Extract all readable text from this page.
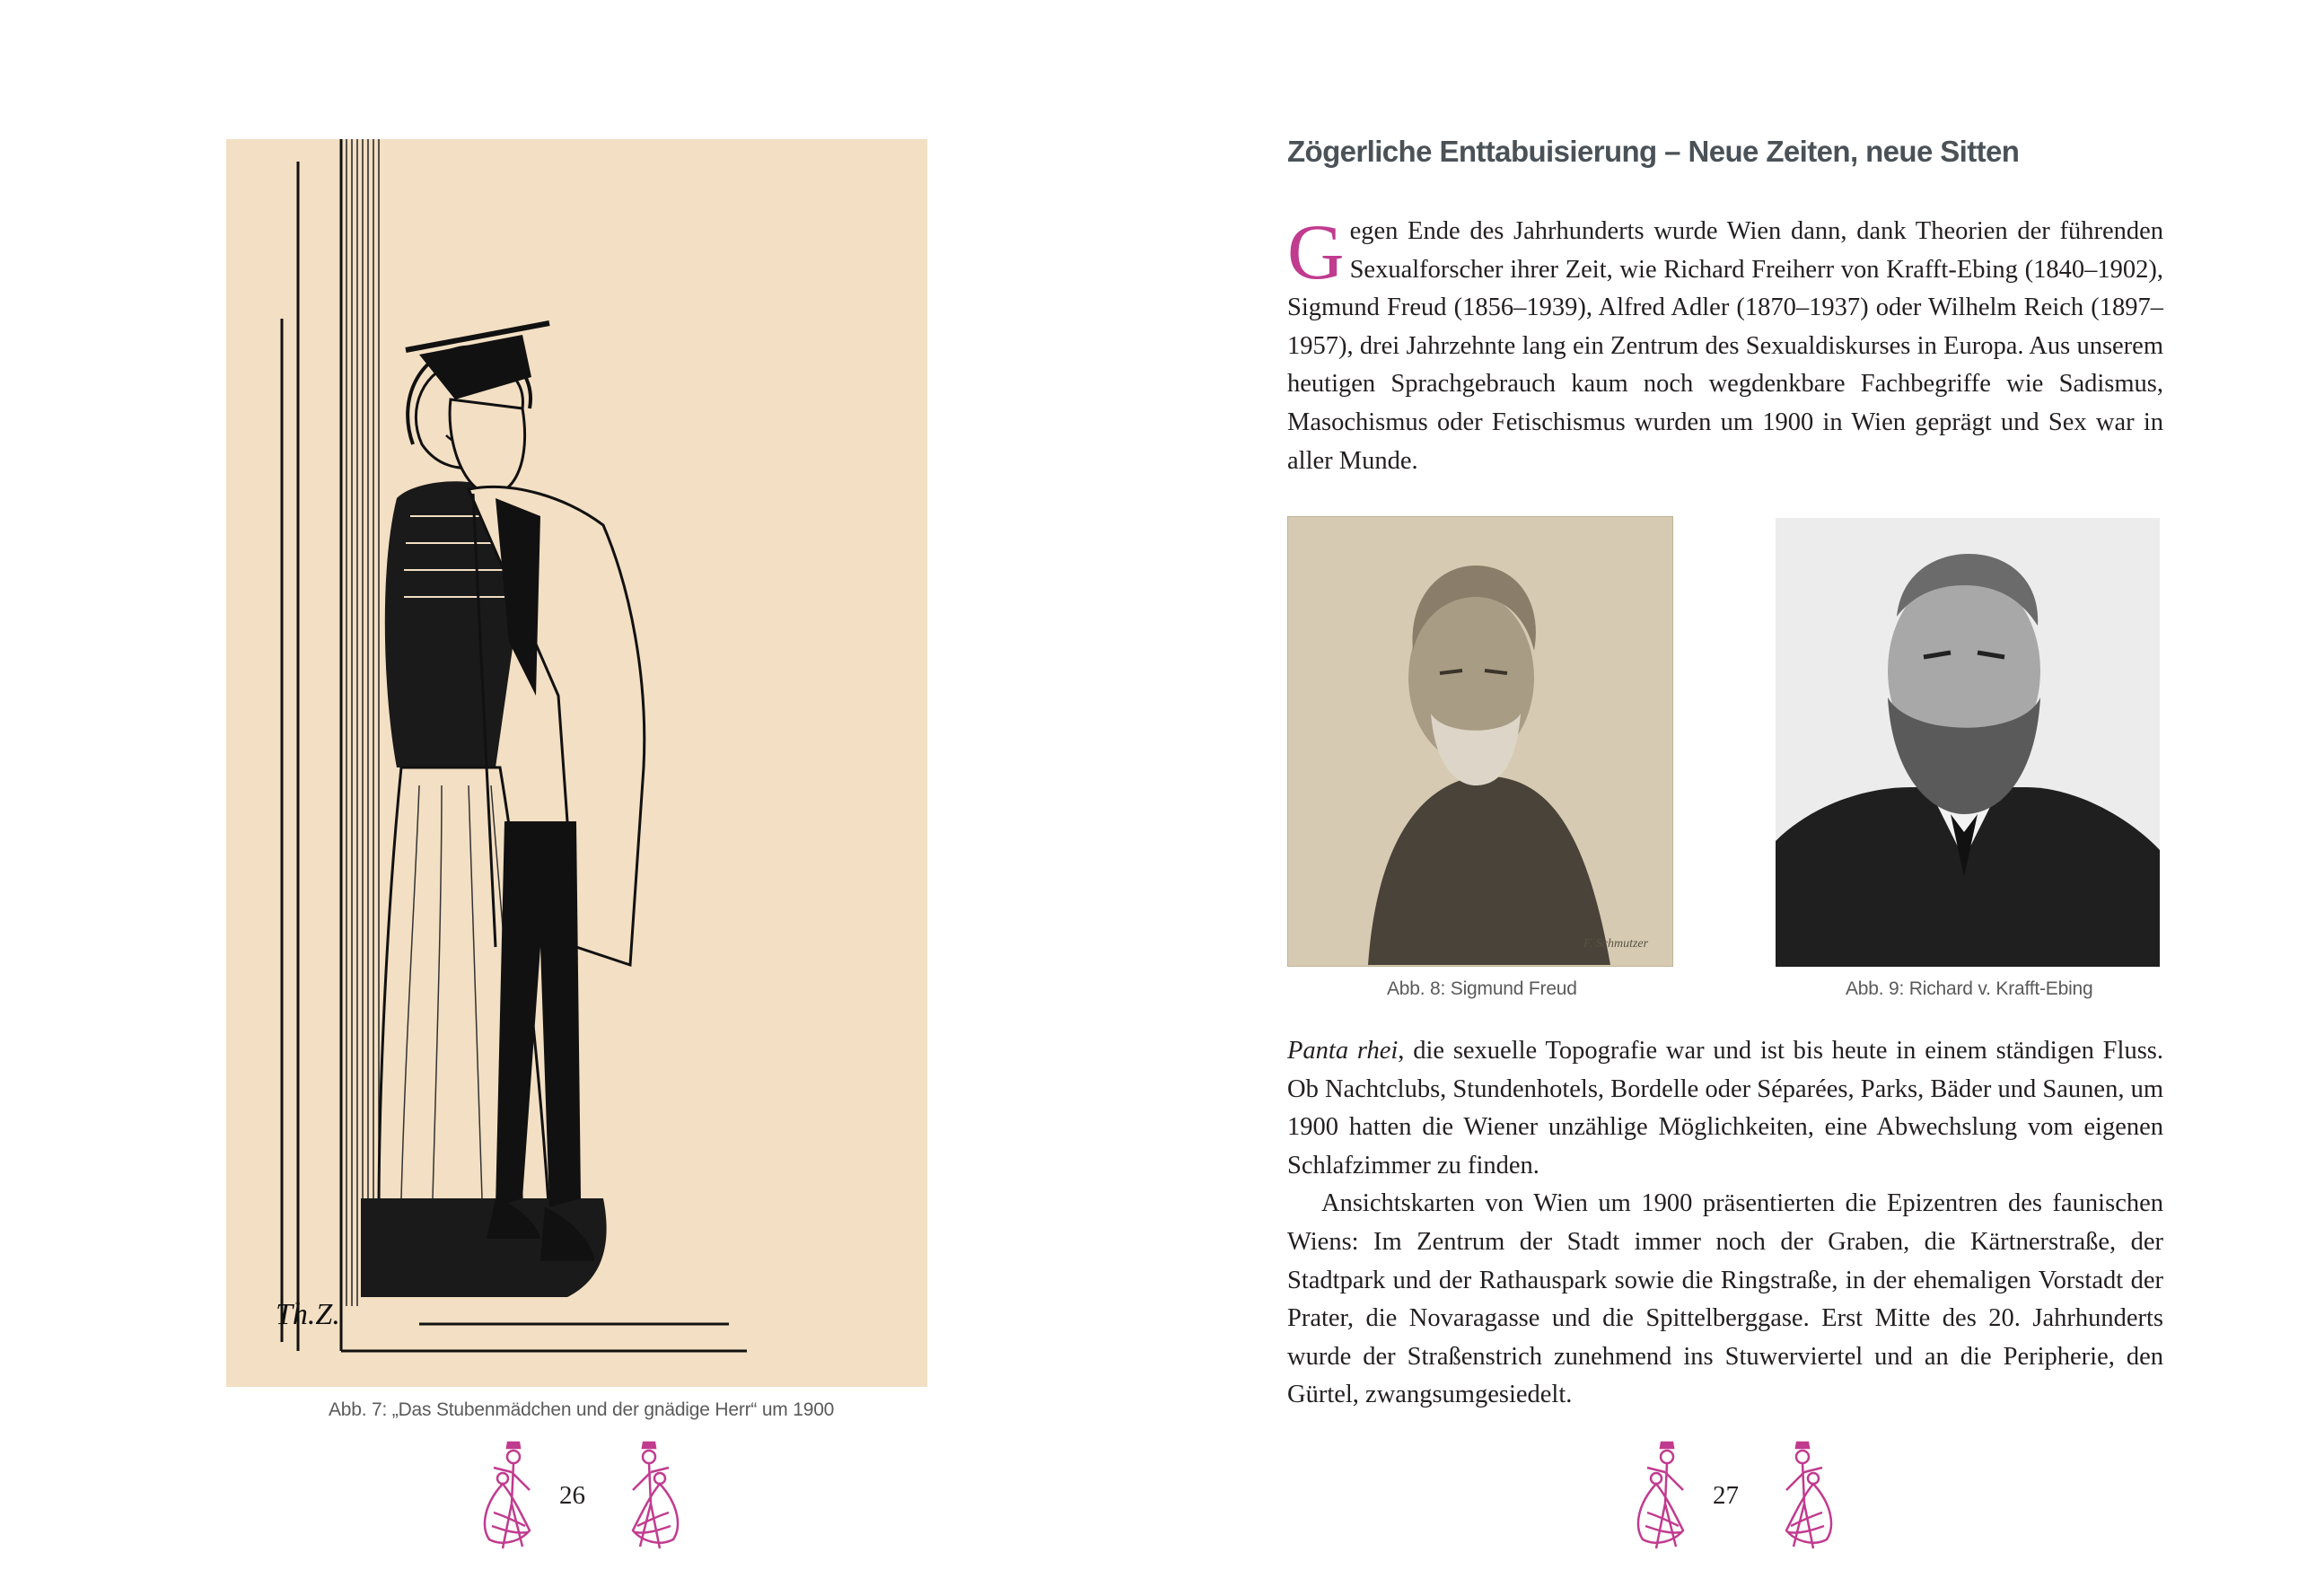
Th.Z.
Abb. 7: „Das Stubenmädchen und der gnädige Herr“ um 1900
26
Zögerliche Enttabuisierung – Neue Zeiten, neue Sitten

Gegen Ende des Jahrhunderts wurde Wien dann, dank Theorien der führenden Sexualforscher ihrer Zeit, wie Richard Freiherr von Krafft-Ebing (1840–1902), Sigmund Freud (1856–1939), Alfred Adler (1870–1937) oder Wilhelm Reich (1897–1957), drei Jahrzehnte lang ein Zentrum des Sexualdiskurses in Europa. Aus unserem heutigen Sprachgebrauch kaum noch wegdenkbare Fachbegriffe wie Sadismus, Masochismus oder Fetischismus wurden um 1900 in Wien geprägt und Sex war in aller Munde.

F. Schmutzer
Abb. 8: Sigmund Freud	Abb. 9: Richard v. Krafft-Ebing

Panta rhei, die sexuelle Topografie war und ist bis heute in einem ständigen Fluss. Ob Nachtclubs, Stundenhotels, Bordelle oder Séparées, Parks, Bäder und Saunen, um 1900 hatten die Wiener unzählige Möglichkeiten, eine Abwechslung vom eigenen Schlafzimmer zu finden.

Ansichtskarten von Wien um 1900 präsentierten die Epizentren des faunischen Wiens: Im Zentrum der Stadt immer noch der Graben, die Kärtnerstraße, der Stadtpark und der Rathauspark sowie die Ringstraße, in der ehemaligen Vorstadt der Prater, die Novaragasse und die Spittelberggase. Erst Mitte des 20. Jahrhunderts wurde der Straßenstrich zunehmend ins Stuwerviertel und an die Peripherie, den Gürtel, zwangsumgesiedelt.

27
